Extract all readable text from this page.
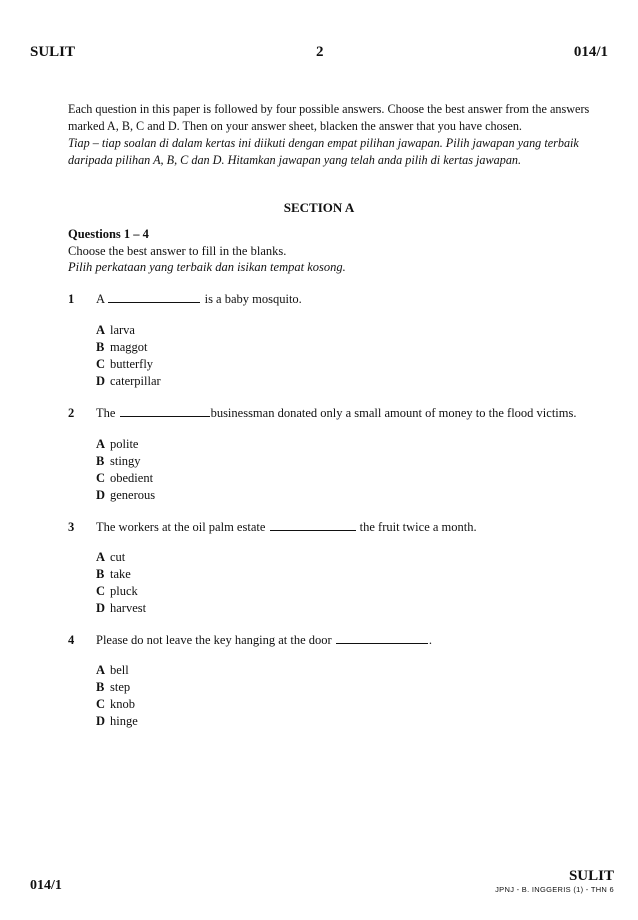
SULIT	2	014/1
Each question in this paper is followed by four possible answers. Choose the best answer from the answers marked A, B, C and D. Then on your answer sheet, blacken the answer that you have chosen.
Tiap – tiap soalan di dalam kertas ini diikuti dengan empat pilihan jawapan. Pilih jawapan yang terbaik daripada pilihan A, B, C dan D. Hitamkan jawapan yang telah anda pilih di kertas jawapan.
SECTION A
Questions 1 – 4
Choose the best answer to fill in the blanks.
Pilih perkataan yang terbaik dan isikan tempat kosong.
1 A	is a baby mosquito.
A larva
B maggot
C butterfly
D caterpillar
2 The	businessman donated only a small amount of money to the flood victims.
A polite
B stingy
C obedient
D generous
3 The workers at the oil palm estate	the fruit twice a month.
A cut
B take
C pluck
D harvest
4 Please do not leave the key hanging at the door	.
A bell
B step
C knob
D hinge
014/1
SULIT
JPNJ - B. INGGERIS (1) - THN 6
